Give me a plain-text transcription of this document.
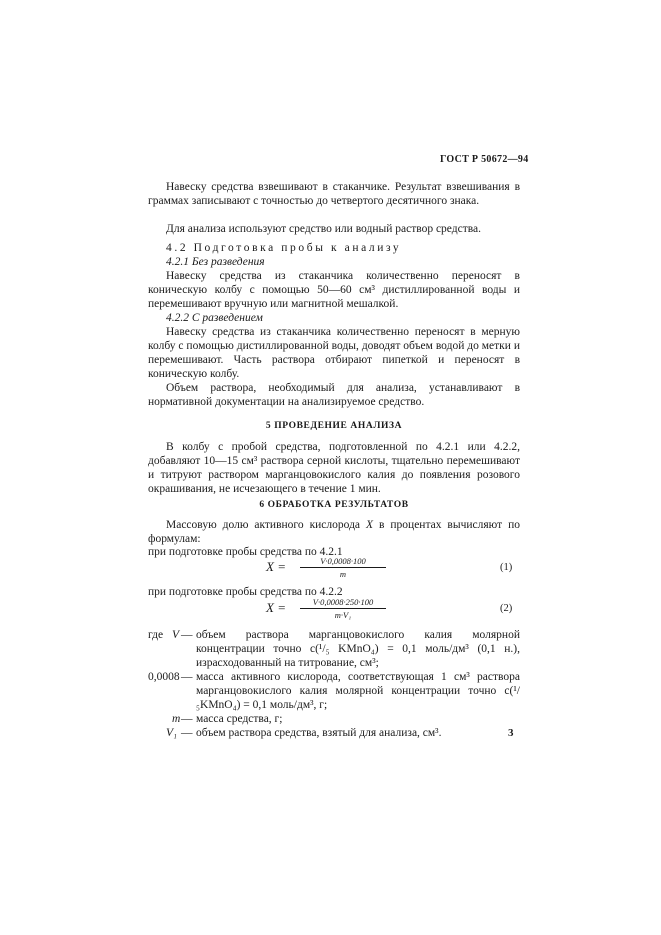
ГОСТ Р 50672—94
Навеску средства взвешивают в стаканчике. Результат взвешивания в граммах записывают с точностью до четвертого десятичного знака.
Для анализа используют средство или водный раствор средства.
4.2 Подготовка пробы к анализу
4.2.1 Без разведения
Навеску средства из стаканчика количественно переносят в коническую колбу с помощью 50—60 см³ дистиллированной воды и перемешивают вручную или магнитной мешалкой.
4.2.2 С разведением
Навеску средства из стаканчика количественно переносят в мерную колбу с помощью дистиллированной воды, доводят объем водой до метки и перемешивают. Часть раствора отбирают пипеткой и переносят в коническую колбу.
Объем раствора, необходимый для анализа, устанавливают в нормативной документации на анализируемое средство.
5 ПРОВЕДЕНИЕ АНАЛИЗА
В колбу с пробой средства, подготовленной по 4.2.1 или 4.2.2, добавляют 10—15 см³ раствора серной кислоты, тщательно перемешивают и титруют раствором марганцовокислого калия до появления розового окрашивания, не исчезающего в течение 1 мин.
6 ОБРАБОТКА РЕЗУЛЬТАТОВ
Массовую долю активного кислорода X в процентах вычисляют по формулам:
при подготовке пробы средства по 4.2.1
$X = \frac{V\cdot 0,0008\cdot 100}{m}$	(1)
при подготовке пробы средства по 4.2.2
$X = \frac{V\cdot 0,0008\cdot 250\cdot 100}{\text{m·V₁}}$	(2)
где V — объем раствора марганцовокислого калия молярной концентрации точно c(¹/₅ KMnO₄) = 0,1 моль/дм³ (0,1 н.), израсходованный на титрование, см³;
0,0008 — масса активного кислорода, соответствующая 1 см³ раствора марганцовокислого калия молярной концентрации точно c(¹/₅KMnO₄) = 0,1 моль/дм³, г;
m — масса средства, г;
V₁ — объем раствора средства, взятый для анализа, см³.	3
